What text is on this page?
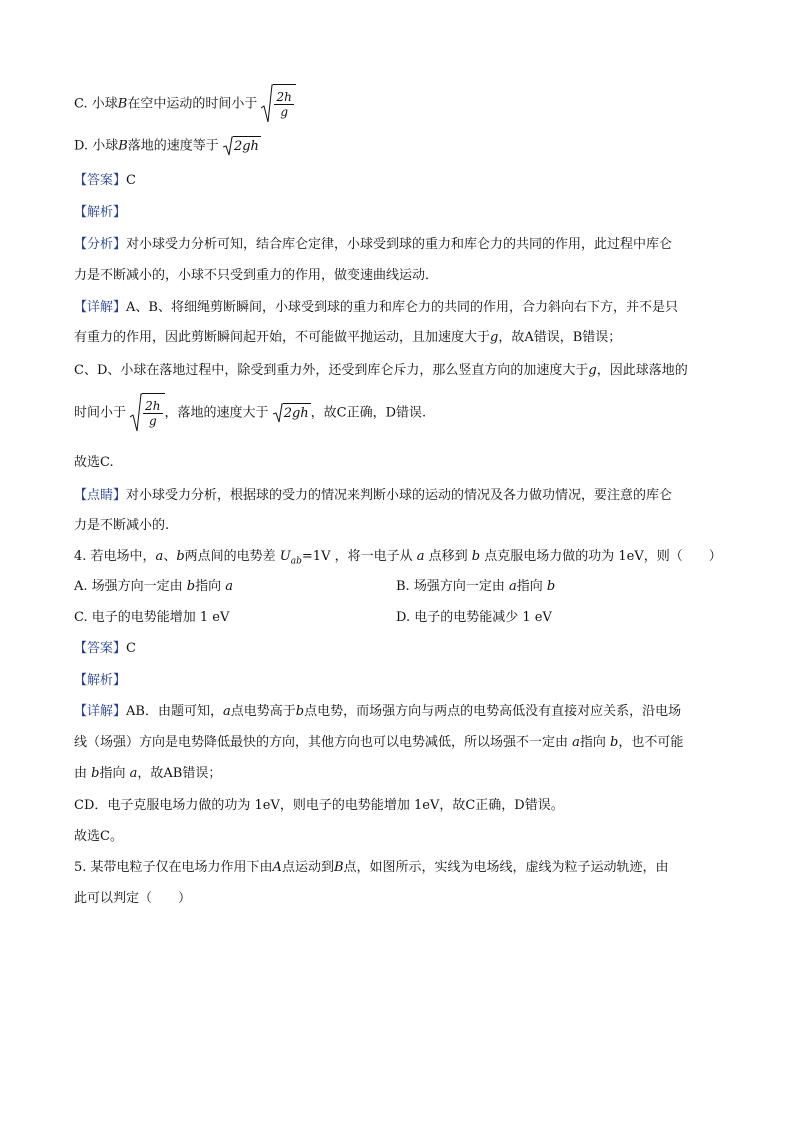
C. 小球B在空中运动的时间小于 $\frac{2h}{g}$
D. 小球B落地的速度等于 2gh
【答案】C
【解析】
【分析】对小球受力分析可知，结合库仑定律，小球受到球的重力和库仑力的共同的作用，此过程中库仑
力是不断减小的，小球不只受到重力的作用，做变速曲线运动．
【详解】A、B、将细绳剪断瞬间，小球受到球的重力和库仑力的共同的作用，合力斜向右下方，并不是只
有重力的作用，因此剪断瞬间起开始，不可能做平抛运动，且加速度大于g，故A错误，B错误；
C、D、小球在落地过程中，除受到重力外，还受到库仑斥力，那么竖直方向的加速度大于g，因此球落地的
时间小于 $\frac{2h}{g}$ ，落地的速度大于 2gh ，故C正确，D错误.
故选C.
【点睛】对小球受力分析，根据球的受力的情况来判断小球的运动的情况及各力做功情况，要注意的库仑
力是不断减小的.
4. 若电场中，a、b两点间的电势差 $U_{ab}=1V$ ，将一电子从 a 点移到 b 点克服电场力做的功为 1eV，则（　　）
A. 场强方向一定由 b指向 a	B. 场强方向一定由 a指向 b
C. 电子的电势能增加 1 eV	D. 电子的电势能减少 1 eV
【答案】C
【解析】
【详解】AB．由题可知，a点电势高于b点电势，而场强方向与两点的电势高低没有直接对应关系，沿电场
线（场强）方向是电势降低最快的方向，其他方向也可以电势减低，所以场强不一定由 a指向 b，也不可能
由 b指向 a，故AB错误；
CD．电子克服电场力做的功为 1eV，则电子的电势能增加 1eV，故C正确，D错误。
故选C。
5. 某带电粒子仅在电场力作用下由A点运动到B点，如图所示，实线为电场线，虚线为粒子运动轨迹，由
此可以判定（　　）
